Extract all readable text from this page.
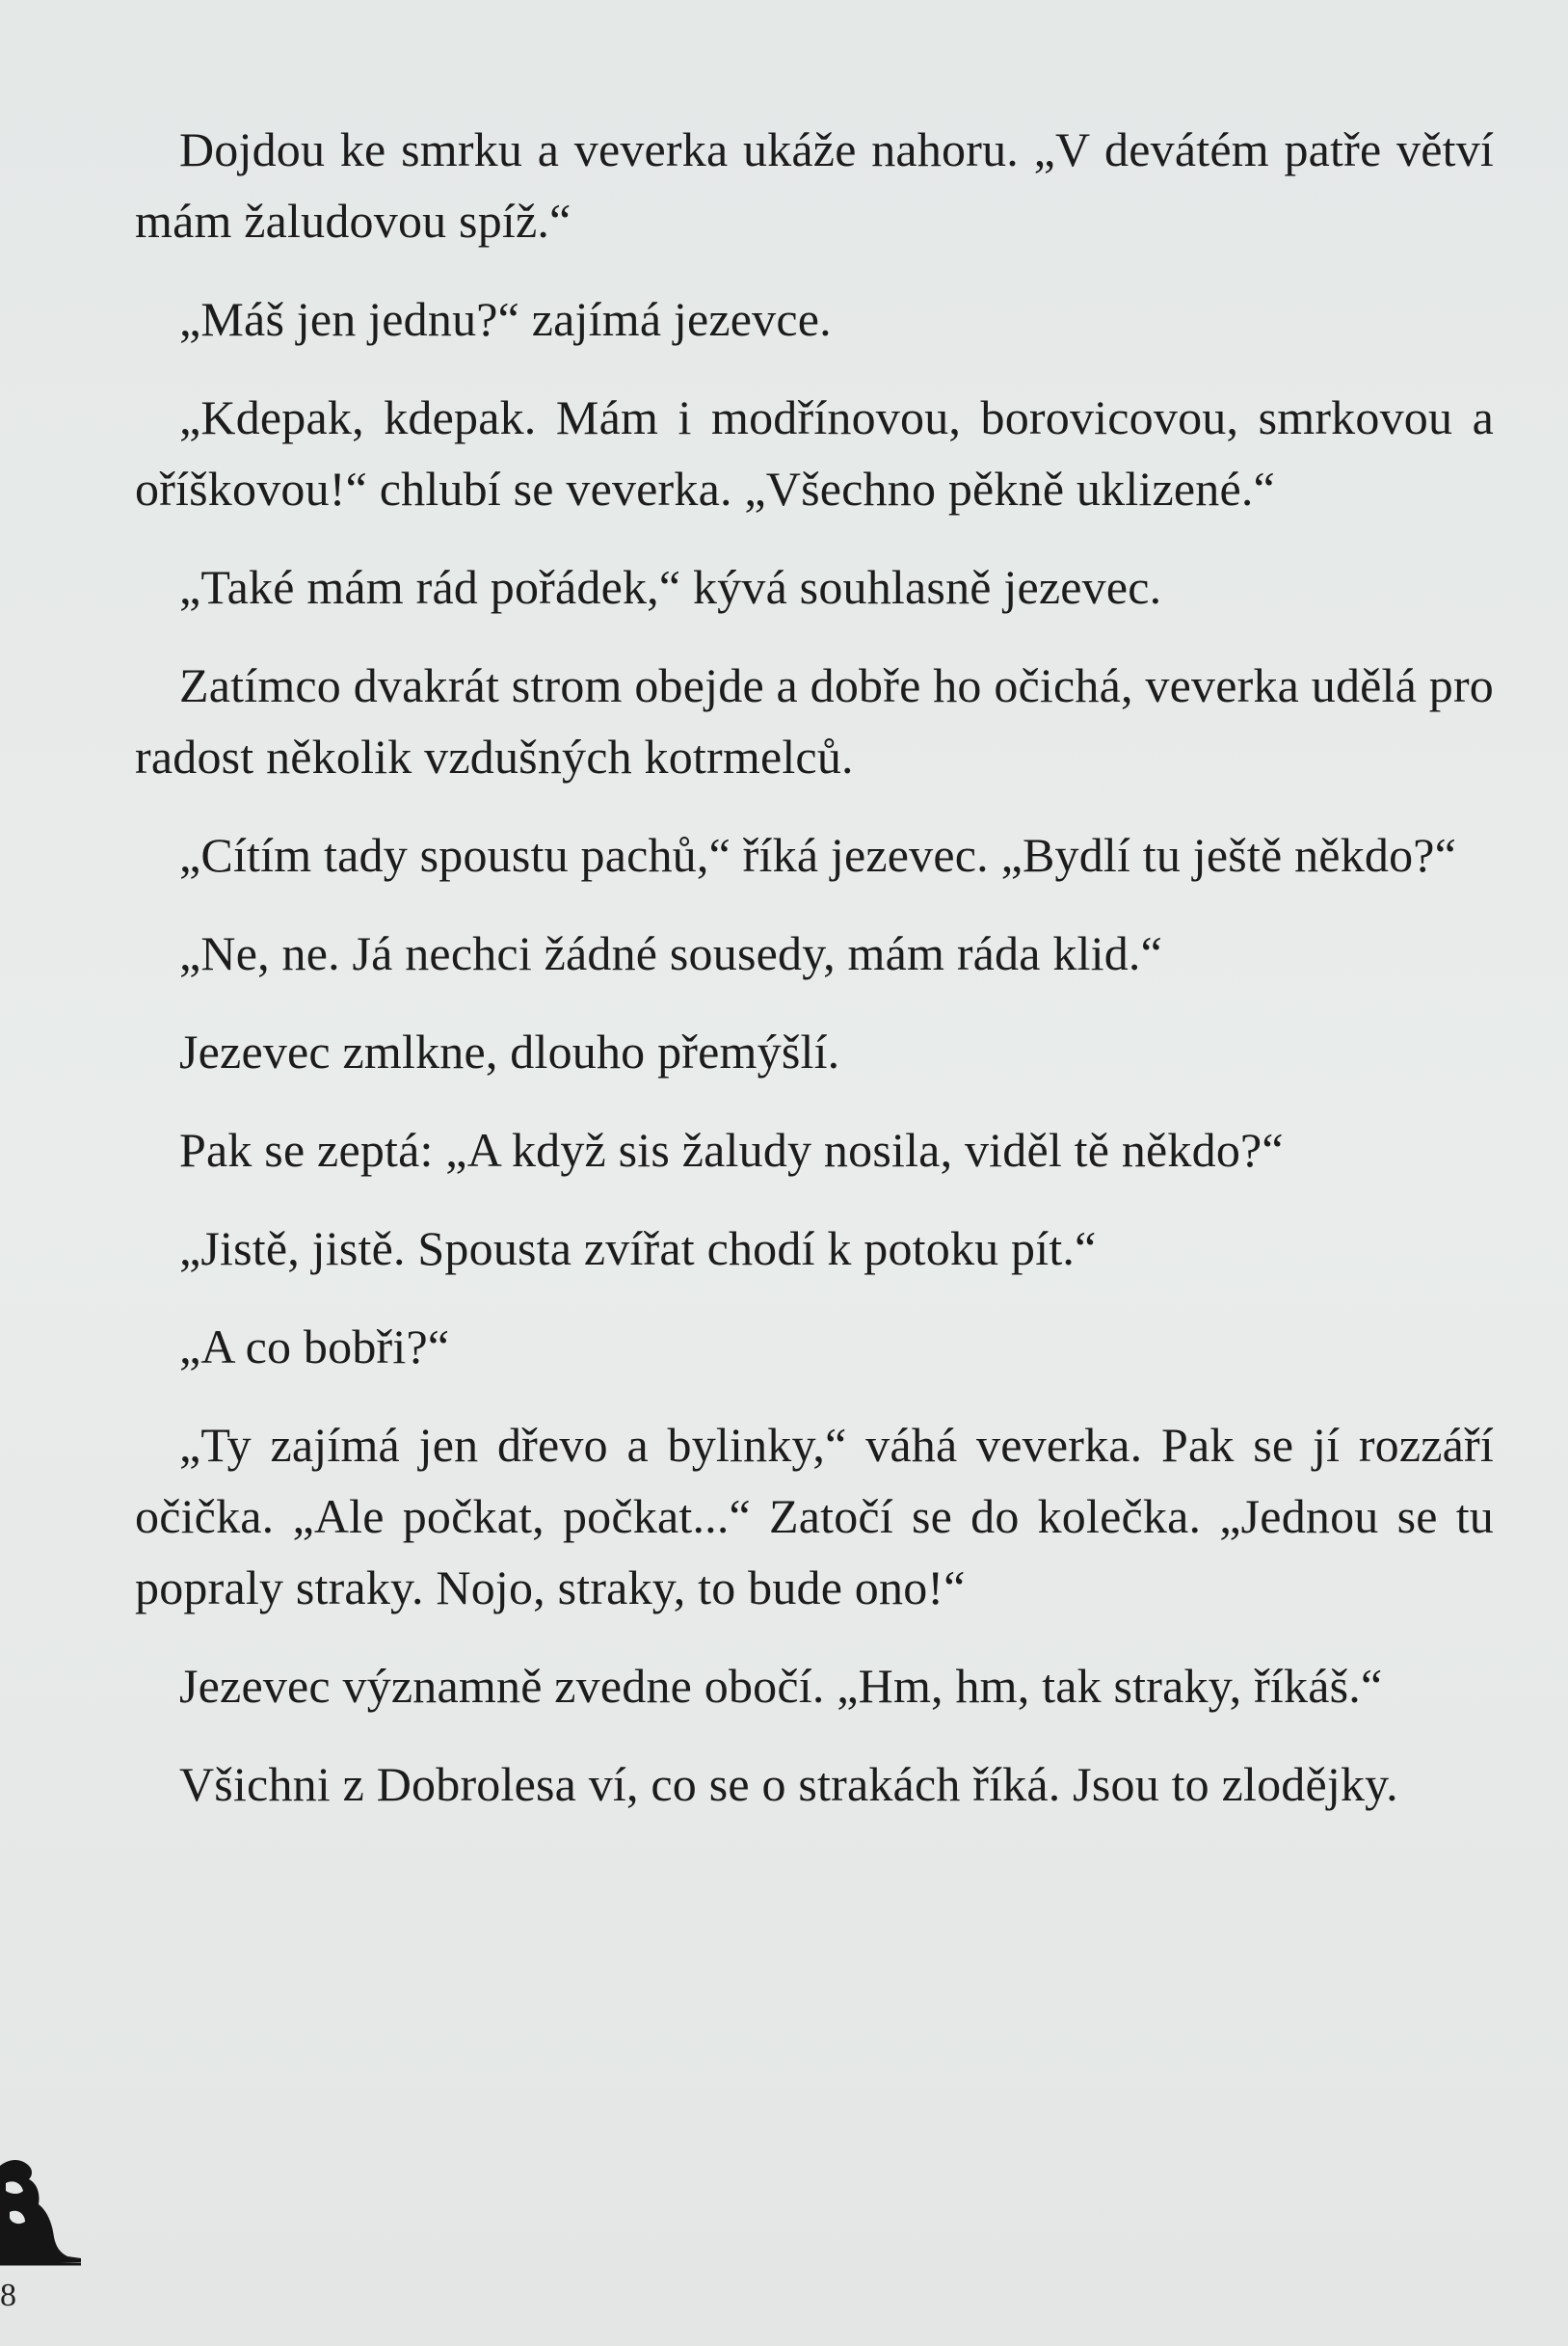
Dojdou ke smrku a veverka ukáže nahoru. „V devátém patře větví mám žaludovou spíž.“

„Máš jen jednu?“ zajímá jezevce.

„Kdepak, kdepak. Mám i modřínovou, borovicovou, smrkovou a oříškovou!“ chlubí se veverka. „Všechno pěkně uklizené.“

„Také mám rád pořádek,“ kývá souhlasně jezevec.

Zatímco dvakrát strom obejde a dobře ho očichá, veverka udělá pro radost několik vzdušných kotrmelců.

„Cítím tady spoustu pachů,“ říká jezevec. „Bydlí tu ještě někdo?“

„Ne, ne. Já nechci žádné sousedy, mám ráda klid.“

Jezevec zmlkne, dlouho přemýšlí.

Pak se zeptá: „A když sis žaludy nosila, viděl tě někdo?“

„Jistě, jistě. Spousta zvířat chodí k potoku pít.“

„A co bobři?“

„Ty zajímá jen dřevo a bylinky,“ váhá veverka. Pak se jí rozzáří očička. „Ale počkat, počkat...“ Zatočí se do kolečka. „Jednou se tu popraly straky. Nojo, straky, to bude ono!“

Jezevec významně zvedne obočí. „Hm, hm, tak straky, říkáš.“

Všichni z Dobrolesa ví, co se o strakách říká. Jsou to zlodějky.

8
